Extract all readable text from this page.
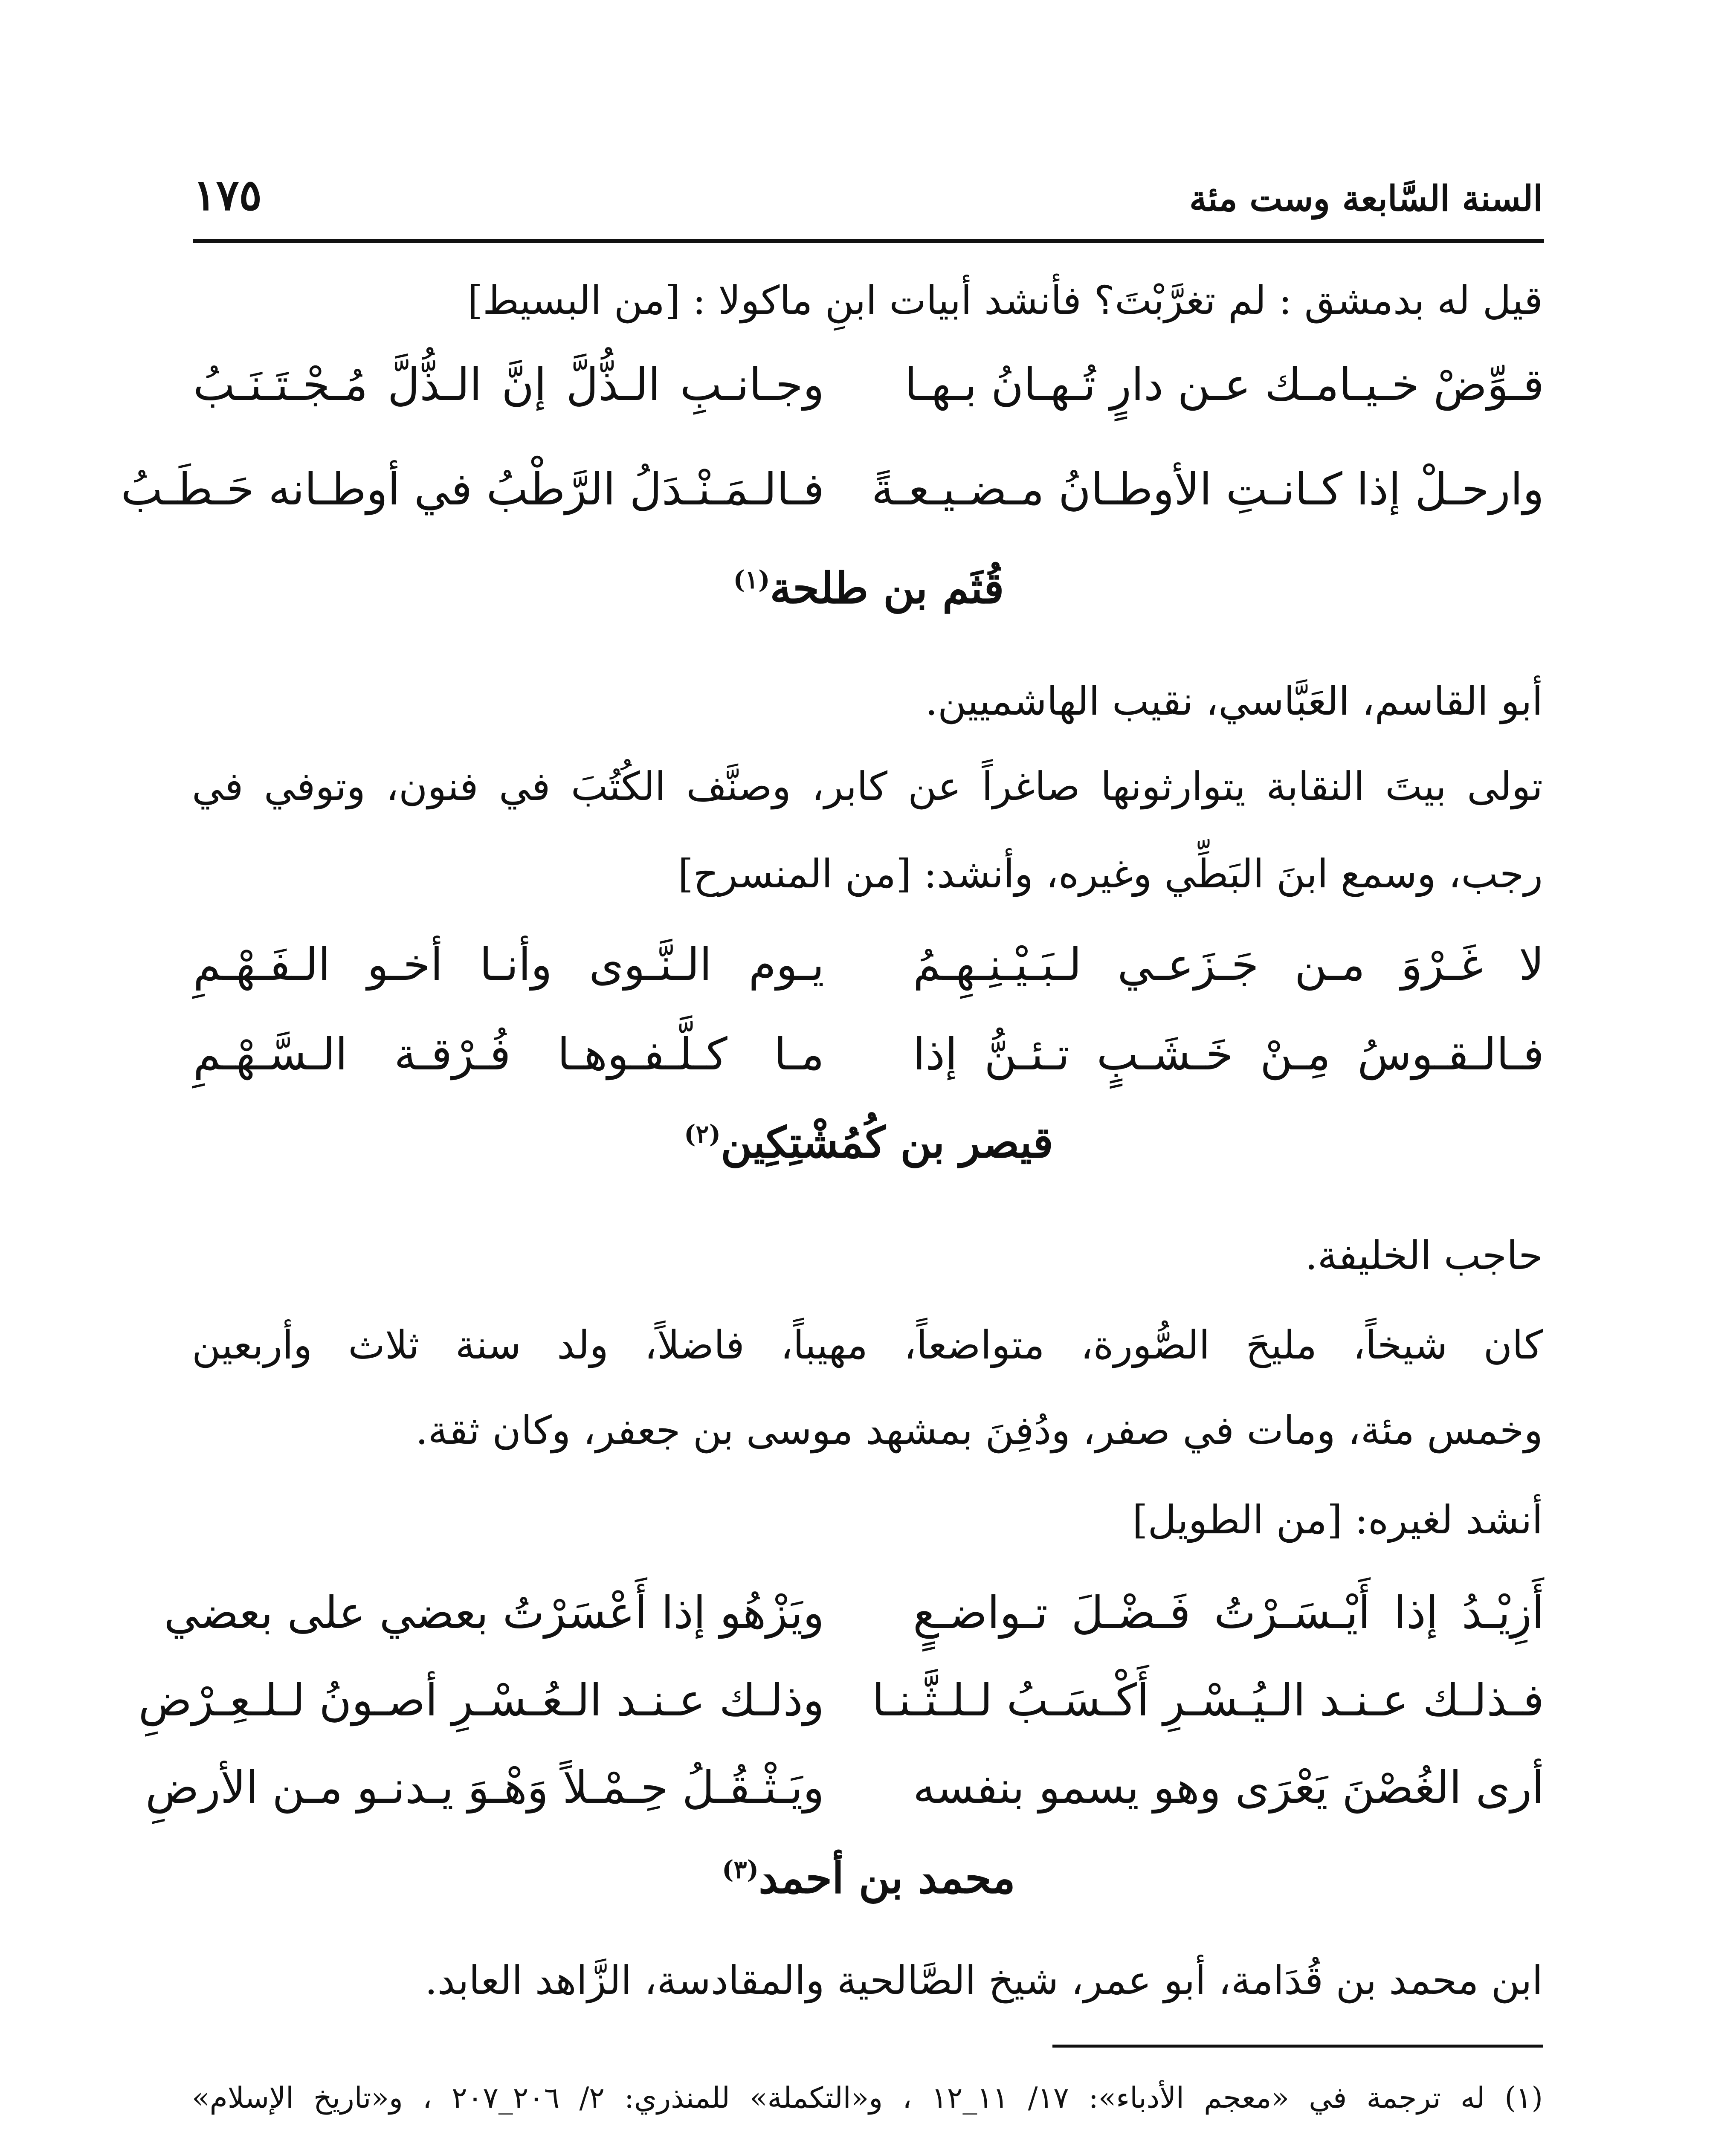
السنة السَّابعة وست مئة
١٧٥
قيل له بدمشق : لم تغرَّبْتَ؟ فأنشد أبيات ابنِ ماكولا : [من البسيط]
قـوِّضْ خـيـامـك عـن دارٍ تُـهـانُ بـهـا
وجـانـبِ الـذُّلَّ إنَّ الـذُّلَّ مُـجْـتَـنَـبُ
وارحـلْ إذا كـانـتِ الأوطـانُ مـضـيـعـةً
فـالـمَـنْـدَلُ الرَّطْبُ في أوطـانه حَـطَـبُ
قُثَم بن طلحة$^{(١)}$
أبو القاسم، العَبَّاسي، نقيب الهاشميين.
تولى بيتَ النقابة يتوارثونها صاغراً عن كابر، وصنَّف الكُتُبَ في فنون، وتوفي في
رجب، وسمع ابنَ البَطِّي وغيره، وأنشد: [من المنسرح]
لا غَـرْوَ مـن جَـزَعـي لـبَـيْـنِـهِـمُ
يـوم الـنَّـوى وأنـا أخـو الـفَـهْـمِ
فـالـقـوسُ مِـنْ خَـشَـبٍ تـئـنُّ إذا
مـا كـلَّـفـوهـا فُـرْقـة الـسَّـهْـمِ
قيصر بن كُمُشْتِكِين$^{(٢)}$
حاجب الخليفة.
كان شيخاً، مليحَ الصُّورة، متواضعاً، مهيباً، فاضلاً، ولد سنة ثلاث وأربعين
وخمس مئة، ومات في صفر، ودُفِنَ بمشهد موسى بن جعفر، وكان ثقة.
أنشد لغيره: [من الطويل]
أَزِيْـدُ إذا أَيْـسَـرْتُ فَـضْـلَ تـواضـعٍ
ويَزْهُو إذا أَعْسَرْتُ بعضي على بعضي
فـذلـك عـنـد الـيُـسْـرِ أَكْـسَـبُ لـلـثَّـنـا
وذلـك عـنـد الـعُـسْـرِ أصـونُ لـلـعِـرْضِ
أرى الغُصْنَ يَعْرَى وهو يسمو بنفسه
ويَـثْـقُـلُ حِـمْـلاً وَهْـوَ يـدنـو مـن الأرضِ
محمد بن أحمد$^{(٣)}$
ابن محمد بن قُدَامة، أبو عمر، شيخ الصَّالحية والمقادسة، الزَّاهد العابد.
(١) له ترجمة في «معجم الأدباء»: ١٧/ ١١_١٢ ، و«التكملة» للمنذري: ٢/ ٢٠٦_٢٠٧ ، و«تاريخ الإسلام»
